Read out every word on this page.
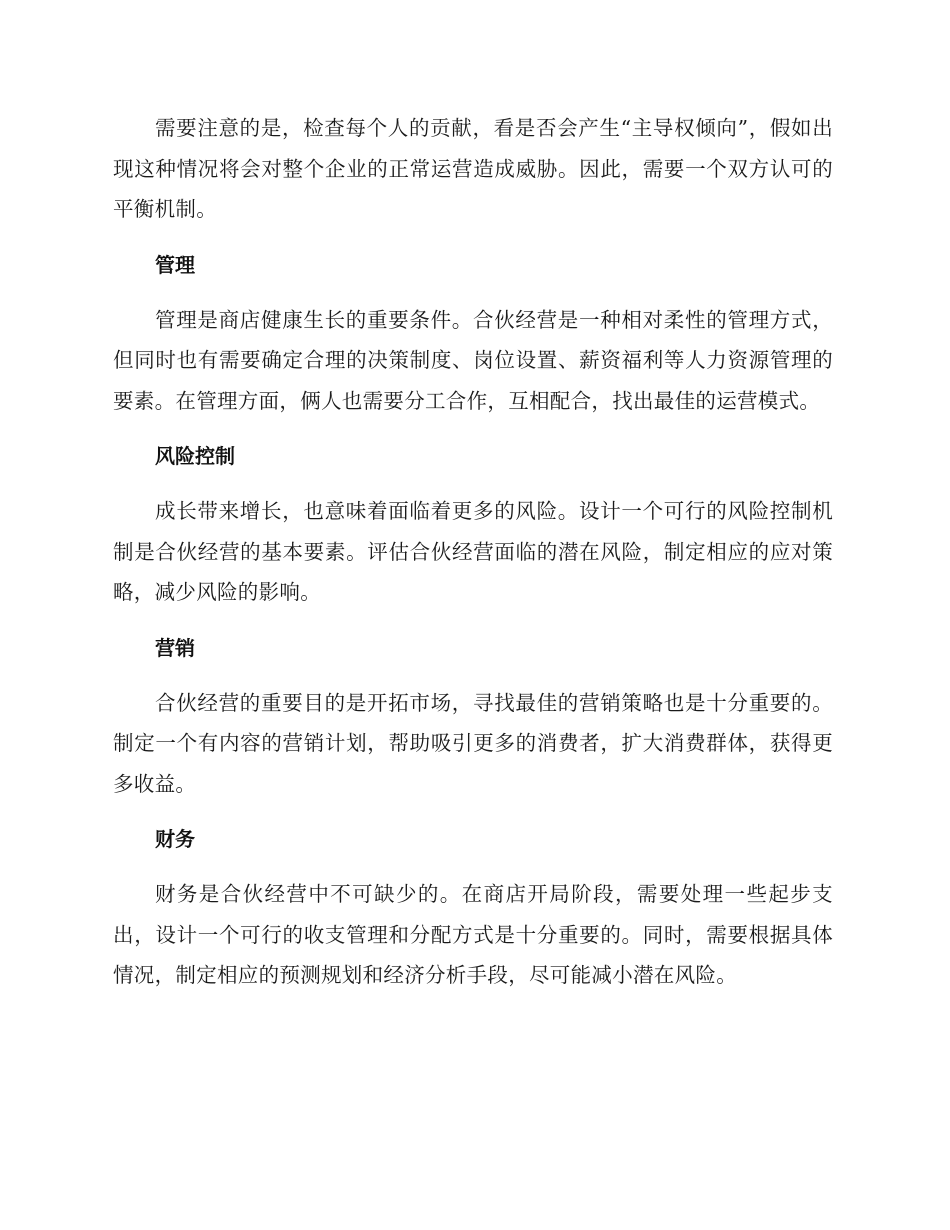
需要注意的是，检查每个人的贡献，看是否会产生“主导权倾向”，假如出现这种情况将会对整个企业的正常运营造成威胁。因此，需要一个双方认可的平衡机制。

管理

管理是商店健康生长的重要条件。合伙经营是一种相对柔性的管理方式，但同时也有需要确定合理的决策制度、岗位设置、薪资福利等人力资源管理的要素。在管理方面，俩人也需要分工合作，互相配合，找出最佳的运营模式。

风险控制

成长带来增长，也意味着面临着更多的风险。设计一个可行的风险控制机制是合伙经营的基本要素。评估合伙经营面临的潜在风险，制定相应的应对策略，减少风险的影响。

营销

合伙经营的重要目的是开拓市场，寻找最佳的营销策略也是十分重要的。制定一个有内容的营销计划，帮助吸引更多的消费者，扩大消费群体，获得更多收益。

财务

财务是合伙经营中不可缺少的。在商店开局阶段，需要处理一些起步支出，设计一个可行的收支管理和分配方式是十分重要的。同时，需要根据具体情况，制定相应的预测规划和经济分析手段，尽可能减小潜在风险。
